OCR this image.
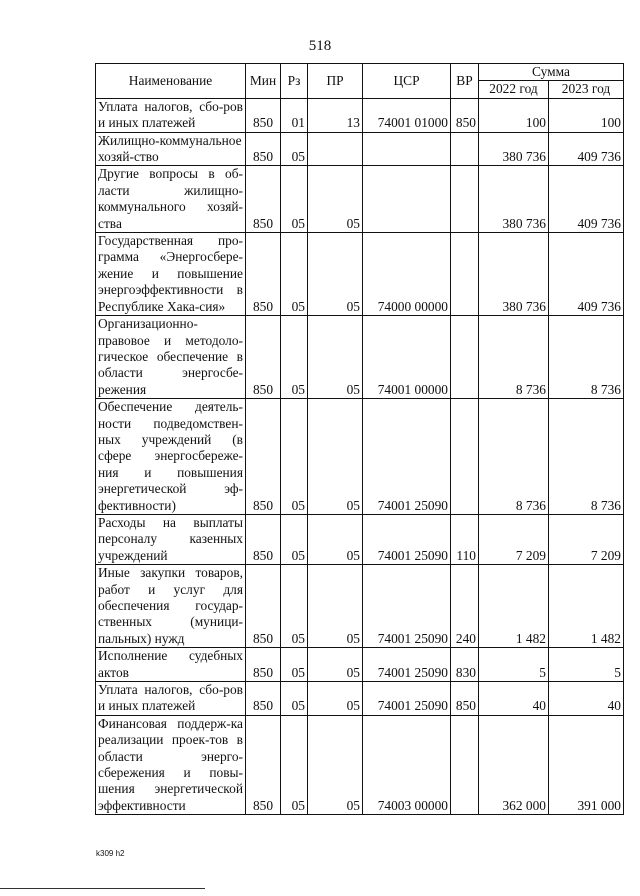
518
Наименование	Мин	Рз	ПР	ЦСР	ВР	Сумма	
						2022 год	2023 год
Уплата налогов, сбо-ров и иных платежей	850	01	13	74001 01000	850	100	100
Жилищно-коммунальное хозяй-ство	850	05				380 736	409 736
Другие вопросы в об-ласти жилищно-коммунального хозяй-ства	850	05	05			380 736	409 736
Государственная про-грамма «Энергосбере-жение и повышение энергоэффективности в Республике Хака-сия»	850	05	05	74000 00000		380 736	409 736
Организационно-правовое и методоло-гическое обеспечение в области энергосбе-режения	850	05	05	74001 00000		8 736	8 736
Обеспечение деятель-ности подведомствен-ных учреждений (в сфере энергосбереже-ния и повышения энергетической эф-фективности)	850	05	05	74001 25090		8 736	8 736
Расходы на выплаты персоналу казенных учреждений	850	05	05	74001 25090	110	7 209	7 209
Иные закупки товаров, работ и услуг для обеспечения государ-ственных (муници-пальных) нужд	850	05	05	74001 25090	240	1 482	1 482
Исполнение судебных актов	850	05	05	74001 25090	830	5	5
Уплата налогов, сбо-ров и иных платежей	850	05	05	74001 25090	850	40	40
Финансовая поддерж-ка реализации проек-тов в области энерго-сбережения и повы-шения энергетической эффективности	850	05	05	74003 00000		362 000	391 000
k309 h2
